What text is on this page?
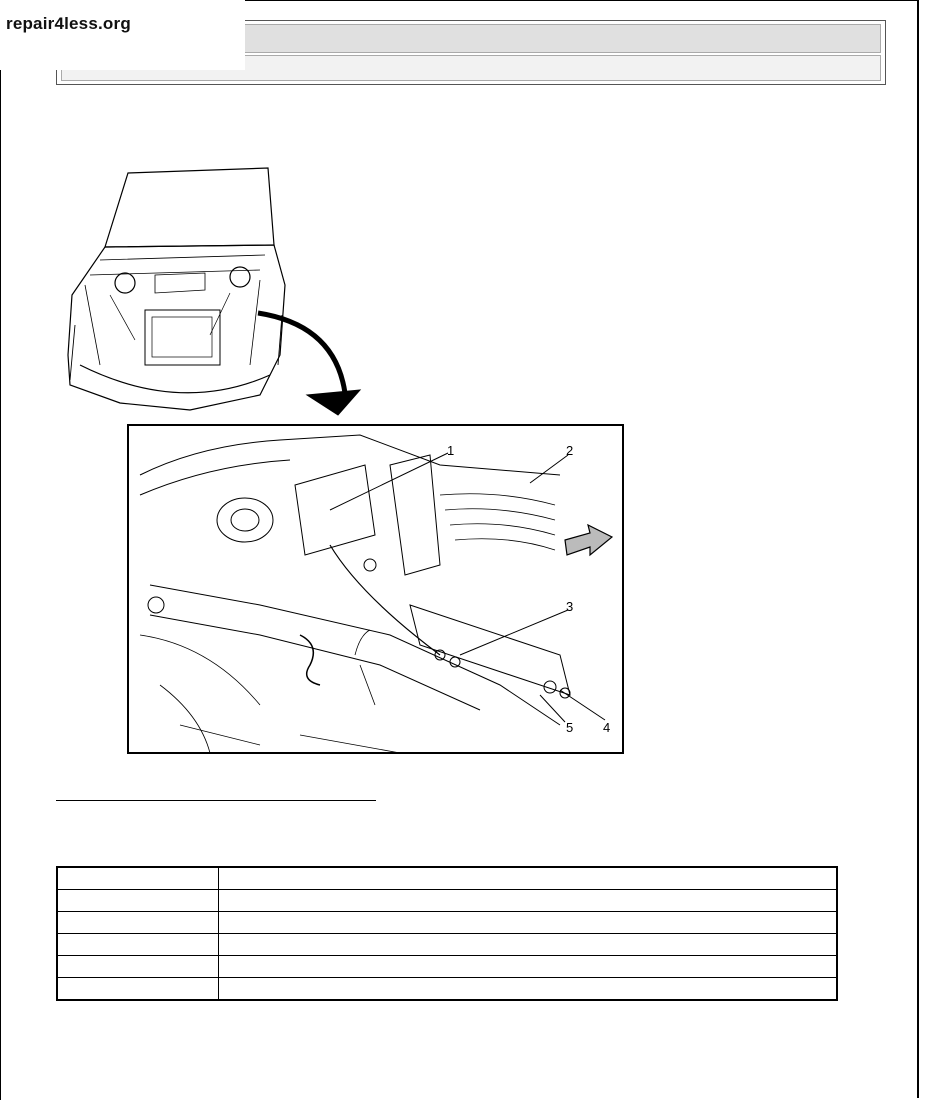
repair4less.org
1	2
3
4
5
